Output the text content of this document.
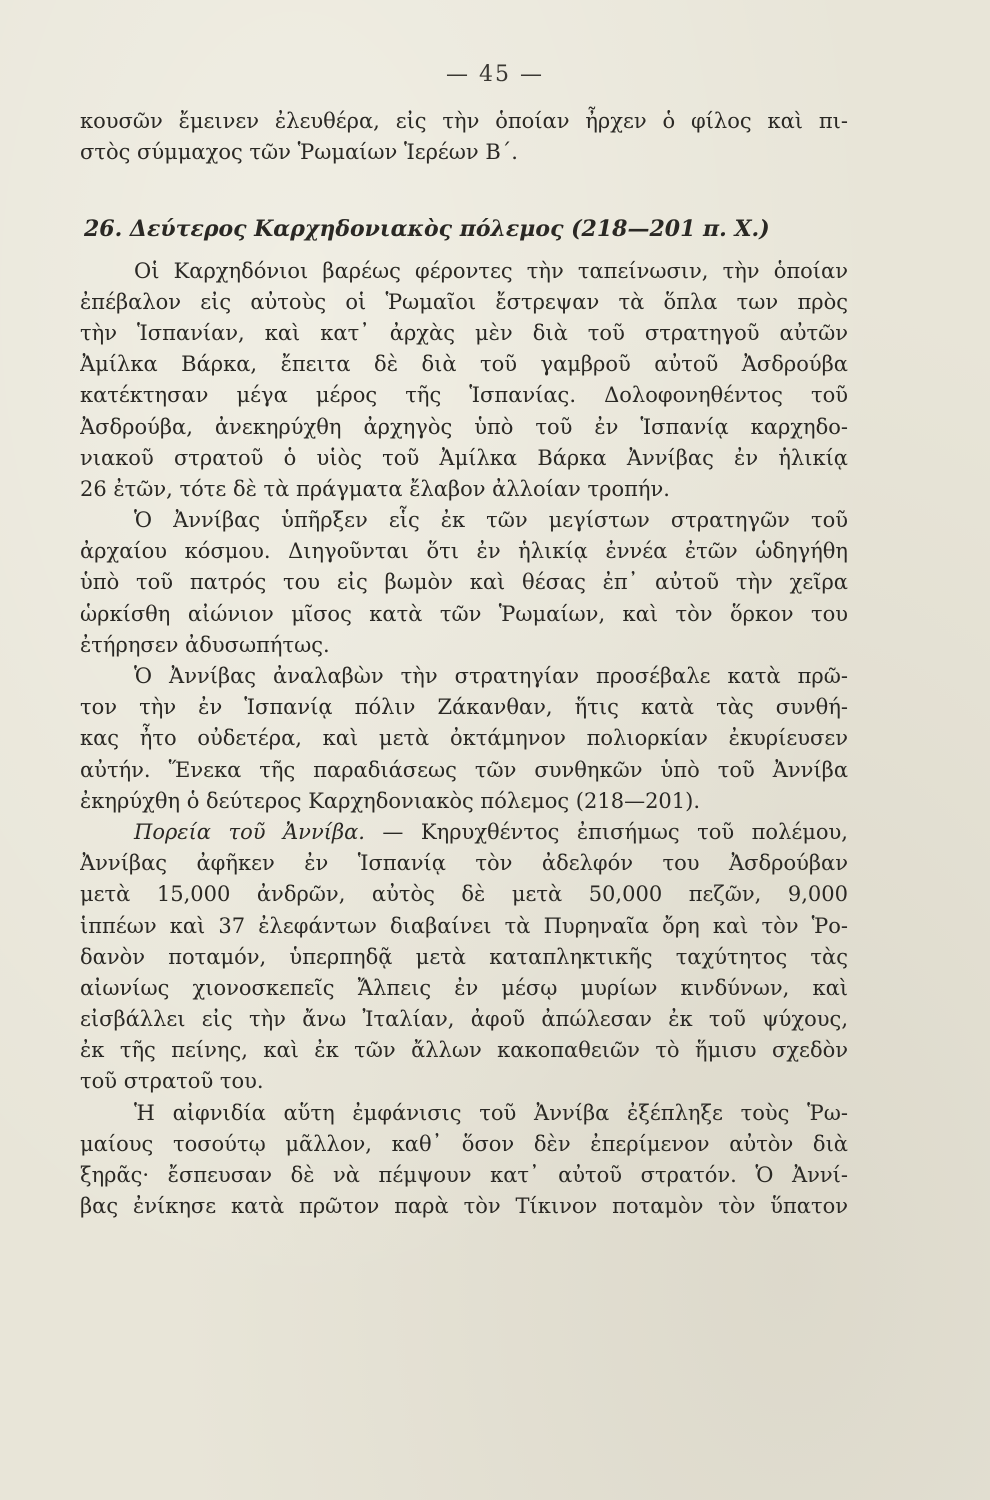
— 45 —
κουσῶν ἔμεινεν ἐλευθέρα, εἰς τὴν ὁποίαν ἦρχεν ὁ φίλος καὶ πι-
στὸς σύμμαχος τῶν Ῥωμαίων Ἱερέων Β΄.
26. Δεύτερος Καρχηδονιακὸς πόλεμος (218—201 π. Χ.)
Οἱ Καρχηδόνιοι βαρέως φέροντες τὴν ταπείνωσιν, τὴν ὁποίαν
ἐπέβαλον εἰς αὐτοὺς οἱ Ῥωμαῖοι ἔστρεψαν τὰ ὅπλα των πρὸς
τὴν Ἱσπανίαν, καὶ κατ᾽ ἀρχὰς μὲν διὰ τοῦ στρατηγοῦ αὐτῶν
Ἀμίλκα Βάρκα, ἔπειτα δὲ διὰ τοῦ γαμβροῦ αὐτοῦ Ἀσδρούβα
κατέκτησαν μέγα μέρος τῆς Ἱσπανίας. Δολοφονηθέντος τοῦ
Ἀσδρούβα, ἀνεκηρύχθη ἀρχηγὸς ὑπὸ τοῦ ἐν Ἱσπανίᾳ καρχηδο-
νιακοῦ στρατοῦ ὁ υἱὸς τοῦ Ἀμίλκα Βάρκα Ἀννίβας ἐν ἡλικίᾳ
26 ἐτῶν, τότε δὲ τὰ πράγματα ἔλαβον ἀλλοίαν τροπήν.
Ὁ Ἀννίβας ὑπῆρξεν εἷς ἐκ τῶν μεγίστων στρατηγῶν τοῦ
ἀρχαίου κόσμου. Διηγοῦνται ὅτι ἐν ἡλικίᾳ ἐννέα ἐτῶν ὡδηγήθη
ὑπὸ τοῦ πατρός του εἰς βωμὸν καὶ θέσας ἐπ᾽ αὐτοῦ τὴν χεῖρα
ὡρκίσθη αἰώνιον μῖσος κατὰ τῶν Ῥωμαίων, καὶ τὸν ὅρκον του
ἐτήρησεν ἀδυσωπήτως.
Ὁ Ἀννίβας ἀναλαβὼν τὴν στρατηγίαν προσέβαλε κατὰ πρῶ-
τον τὴν ἐν Ἱσπανίᾳ πόλιν Ζάκανθαν, ἥτις κατὰ τὰς συνθή-
κας ἦτο οὐδετέρα, καὶ μετὰ ὀκτάμηνον πολιορκίαν ἐκυρίευσεν
αὐτήν. Ἕνεκα τῆς παραδιάσεως τῶν συνθηκῶν ὑπὸ τοῦ Ἀννίβα
ἐκηρύχθη ὁ δεύτερος Καρχηδονιακὸς πόλεμος (218—201).
Πορεία τοῦ Ἀννίβα. — Κηρυχθέντος ἐπισήμως τοῦ πολέμου,
Ἀννίβας ἀφῆκεν ἐν Ἱσπανίᾳ τὸν ἀδελφόν του Ἀσδρούβαν
μετὰ 15,000 ἀνδρῶν, αὐτὸς δὲ μετὰ 50,000 πεζῶν, 9,000
ἱππέων καὶ 37 ἐλεφάντων διαβαίνει τὰ Πυρηναῖα ὄρη καὶ τὸν Ῥο-
δανὸν ποταμόν, ὑπερπηδᾷ μετὰ καταπληκτικῆς ταχύτητος τὰς
αἰωνίως χιονοσκεπεῖς Ἄλπεις ἐν μέσῳ μυρίων κινδύνων, καὶ
εἰσβάλλει εἰς τὴν ἄνω Ἰταλίαν, ἀφοῦ ἀπώλεσαν ἐκ τοῦ ψύχους,
ἐκ τῆς πείνης, καὶ ἐκ τῶν ἄλλων κακοπαθειῶν τὸ ἥμισυ σχεδὸν
τοῦ στρατοῦ του.
Ἡ αἰφνιδία αὕτη ἐμφάνισις τοῦ Ἀννίβα ἐξέπληξε τοὺς Ῥω-
μαίους τοσούτῳ μᾶλλον, καθ᾽ ὅσον δὲν ἐπερίμενον αὐτὸν διὰ
ξηρᾶς· ἔσπευσαν δὲ νὰ πέμψουν κατ᾽ αὐτοῦ στρατόν. Ὁ Ἀννί-
βας ἐνίκησε κατὰ πρῶτον παρὰ τὸν Τίκινον ποταμὸν τὸν ὕπατον
